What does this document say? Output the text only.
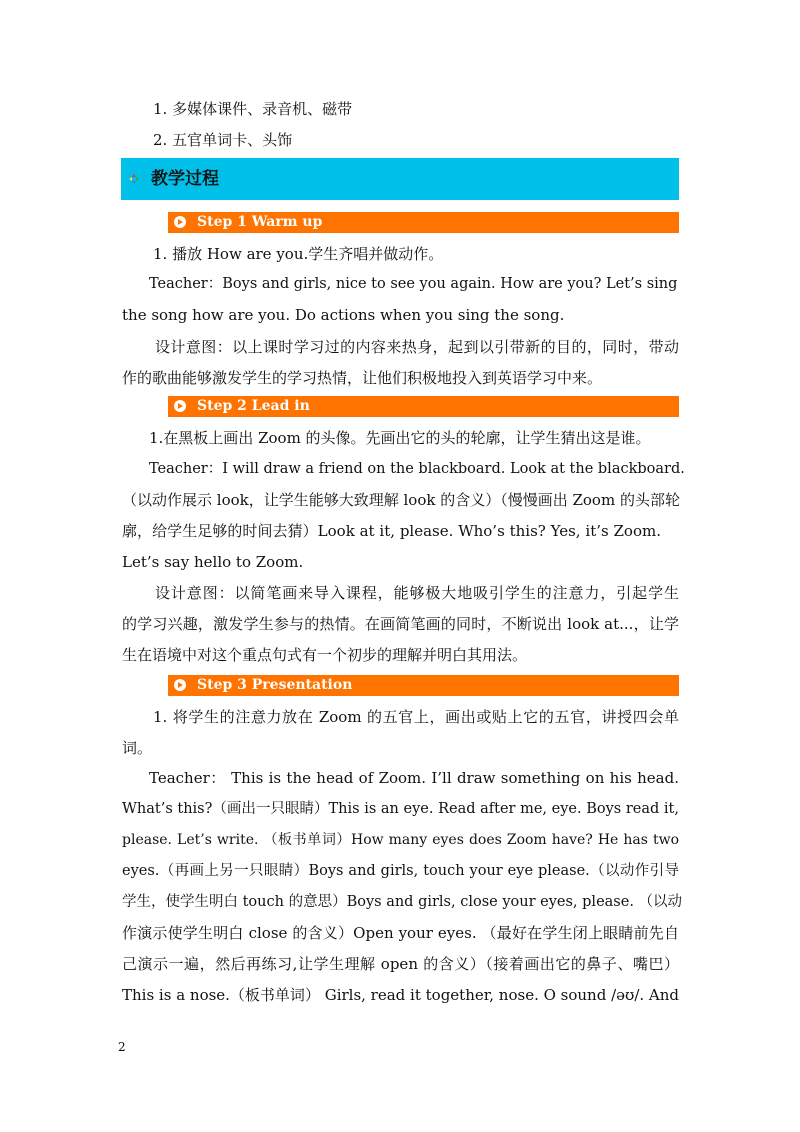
1. 多媒体课件、录音机、磁带
2. 五官单词卡、头饰
教学过程
Step 1 Warm up
1. 播放 How are you.学生齐唱并做动作。
Teacher：Boys and girls, nice to see you again. How are you? Let’s sing
the song how are you. Do actions when you sing the song.
设计意图：以上课时学习过的内容来热身，起到以引带新的目的，同时，带动
作的歌曲能够激发学生的学习热情，让他们积极地投入到英语学习中来。
Step 2 Lead in
1.在黑板上画出 Zoom 的头像。先画出它的头的轮廓，让学生猜出这是谁。
Teacher：I will draw a friend on the blackboard. Look at the blackboard.
（以动作展示 look，让学生能够大致理解 look 的含义）（慢慢画出 Zoom 的头部轮
廓，给学生足够的时间去猜）Look at it, please. Who’s this? Yes, it’s Zoom.
Let’s say hello to Zoom.
设计意图：以简笔画来导入课程，能够极大地吸引学生的注意力，引起学生
的学习兴趣，激发学生参与的热情。在画简笔画的同时，不断说出 look at...，让学
生在语境中对这个重点句式有一个初步的理解并明白其用法。
Step 3 Presentation
1. 将学生的注意力放在 Zoom 的五官上，画出或贴上它的五官，讲授四会单
词。
Teacher： This is the head of Zoom. I’ll draw something on his head.
What’s this?（画出一只眼睛）This is an eye. Read after me, eye. Boys read it,
please. Let’s write. （板书单词）How many eyes does Zoom have? He has two
eyes.（再画上另一只眼睛）Boys and girls, touch your eye please.（以动作引导
学生，使学生明白 touch 的意思）Boys and girls, close your eyes, please. （以动
作演示使学生明白 close 的含义）Open your eyes. （最好在学生闭上眼睛前先自
己演示一遍，然后再练习,让学生理解 open 的含义）（接着画出它的鼻子、嘴巴）
This is a nose.（板书单词） Girls, read it together, nose. O sound /əʊ/. And
2
